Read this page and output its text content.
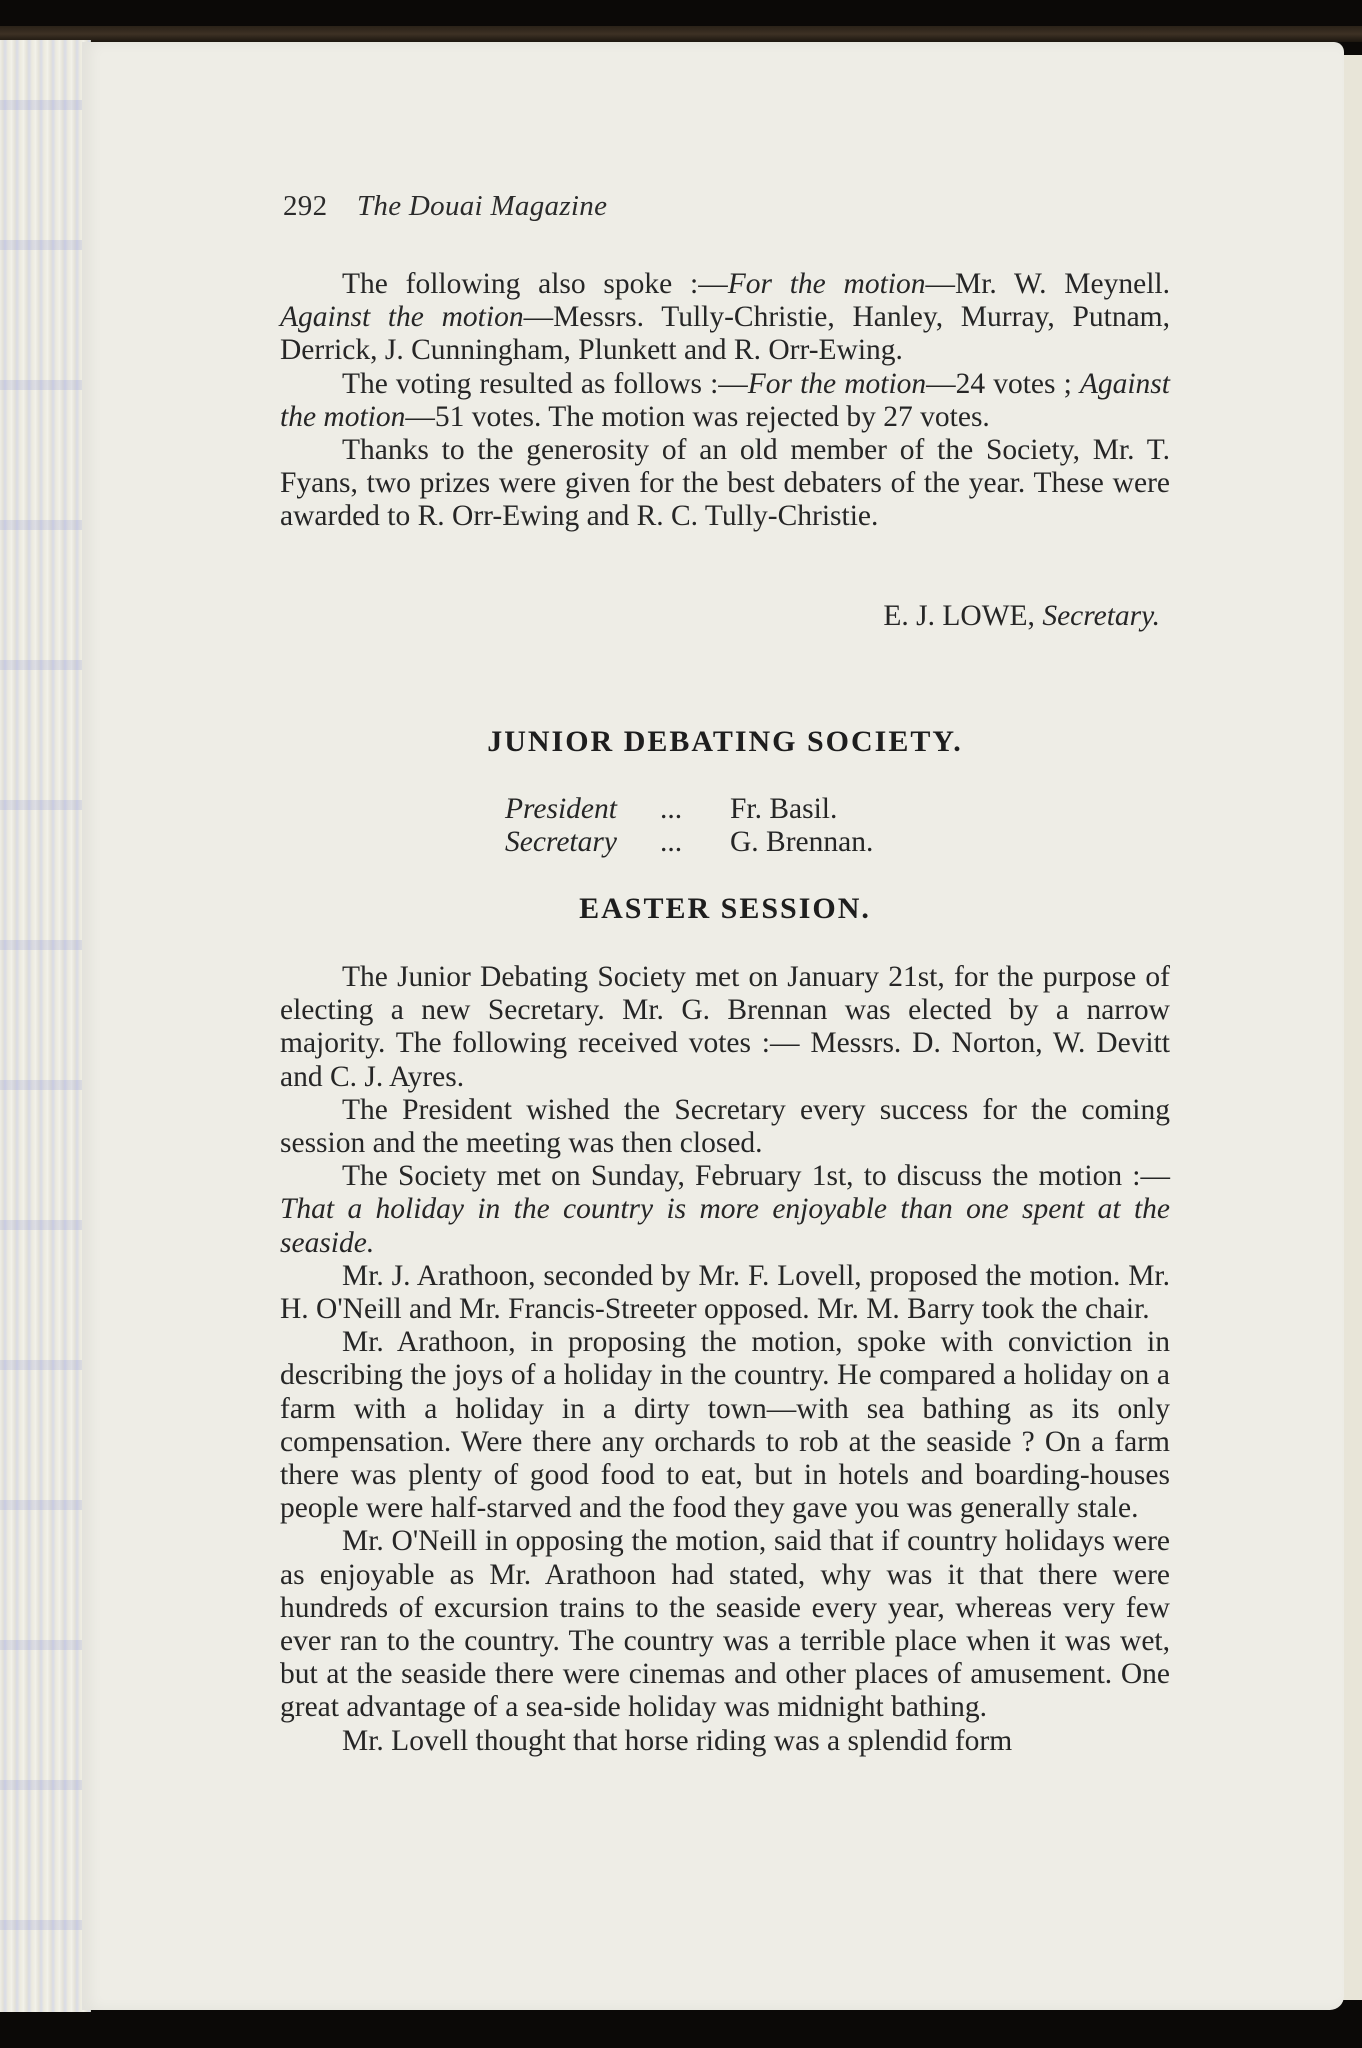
292 The Douai Magazine

The following also spoke :—For the motion—Mr. W. Meynell. Against the motion—Messrs. Tully-Christie, Hanley, Murray, Putnam, Derrick, J. Cunningham, Plunkett and R. Orr-Ewing.

The voting resulted as follows :—For the motion—24 votes ; Against the motion—51 votes. The motion was rejected by 27 votes.

Thanks to the generosity of an old member of the Society, Mr. T. Fyans, two prizes were given for the best debaters of the year. These were awarded to R. Orr-Ewing and R. C. Tully-Christie.

E. J. LOWE, Secretary.
JUNIOR DEBATING SOCIETY.
President	...	Fr. Basil.
Secretary	...	G. Brennan.
EASTER SESSION.

The Junior Debating Society met on January 21st, for the purpose of electing a new Secretary. Mr. G. Brennan was elected by a narrow majority. The following received votes :— Messrs. D. Norton, W. Devitt and C. J. Ayres.

The President wished the Secretary every success for the coming session and the meeting was then closed.

The Society met on Sunday, February 1st, to discuss the motion :—That a holiday in the country is more enjoyable than one spent at the seaside.

Mr. J. Arathoon, seconded by Mr. F. Lovell, proposed the motion. Mr. H. O'Neill and Mr. Francis-Streeter opposed. Mr. M. Barry took the chair.

Mr. Arathoon, in proposing the motion, spoke with conviction in describing the joys of a holiday in the country. He compared a holiday on a farm with a holiday in a dirty town—with sea bathing as its only compensation. Were there any orchards to rob at the seaside ? On a farm there was plenty of good food to eat, but in hotels and boarding-houses people were half-starved and the food they gave you was generally stale.

Mr. O'Neill in opposing the motion, said that if country holidays were as enjoyable as Mr. Arathoon had stated, why was it that there were hundreds of excursion trains to the seaside every year, whereas very few ever ran to the country. The country was a terrible place when it was wet, but at the seaside there were cinemas and other places of amusement. One great advantage of a sea-side holiday was midnight bathing.

Mr. Lovell thought that horse riding was a splendid form
